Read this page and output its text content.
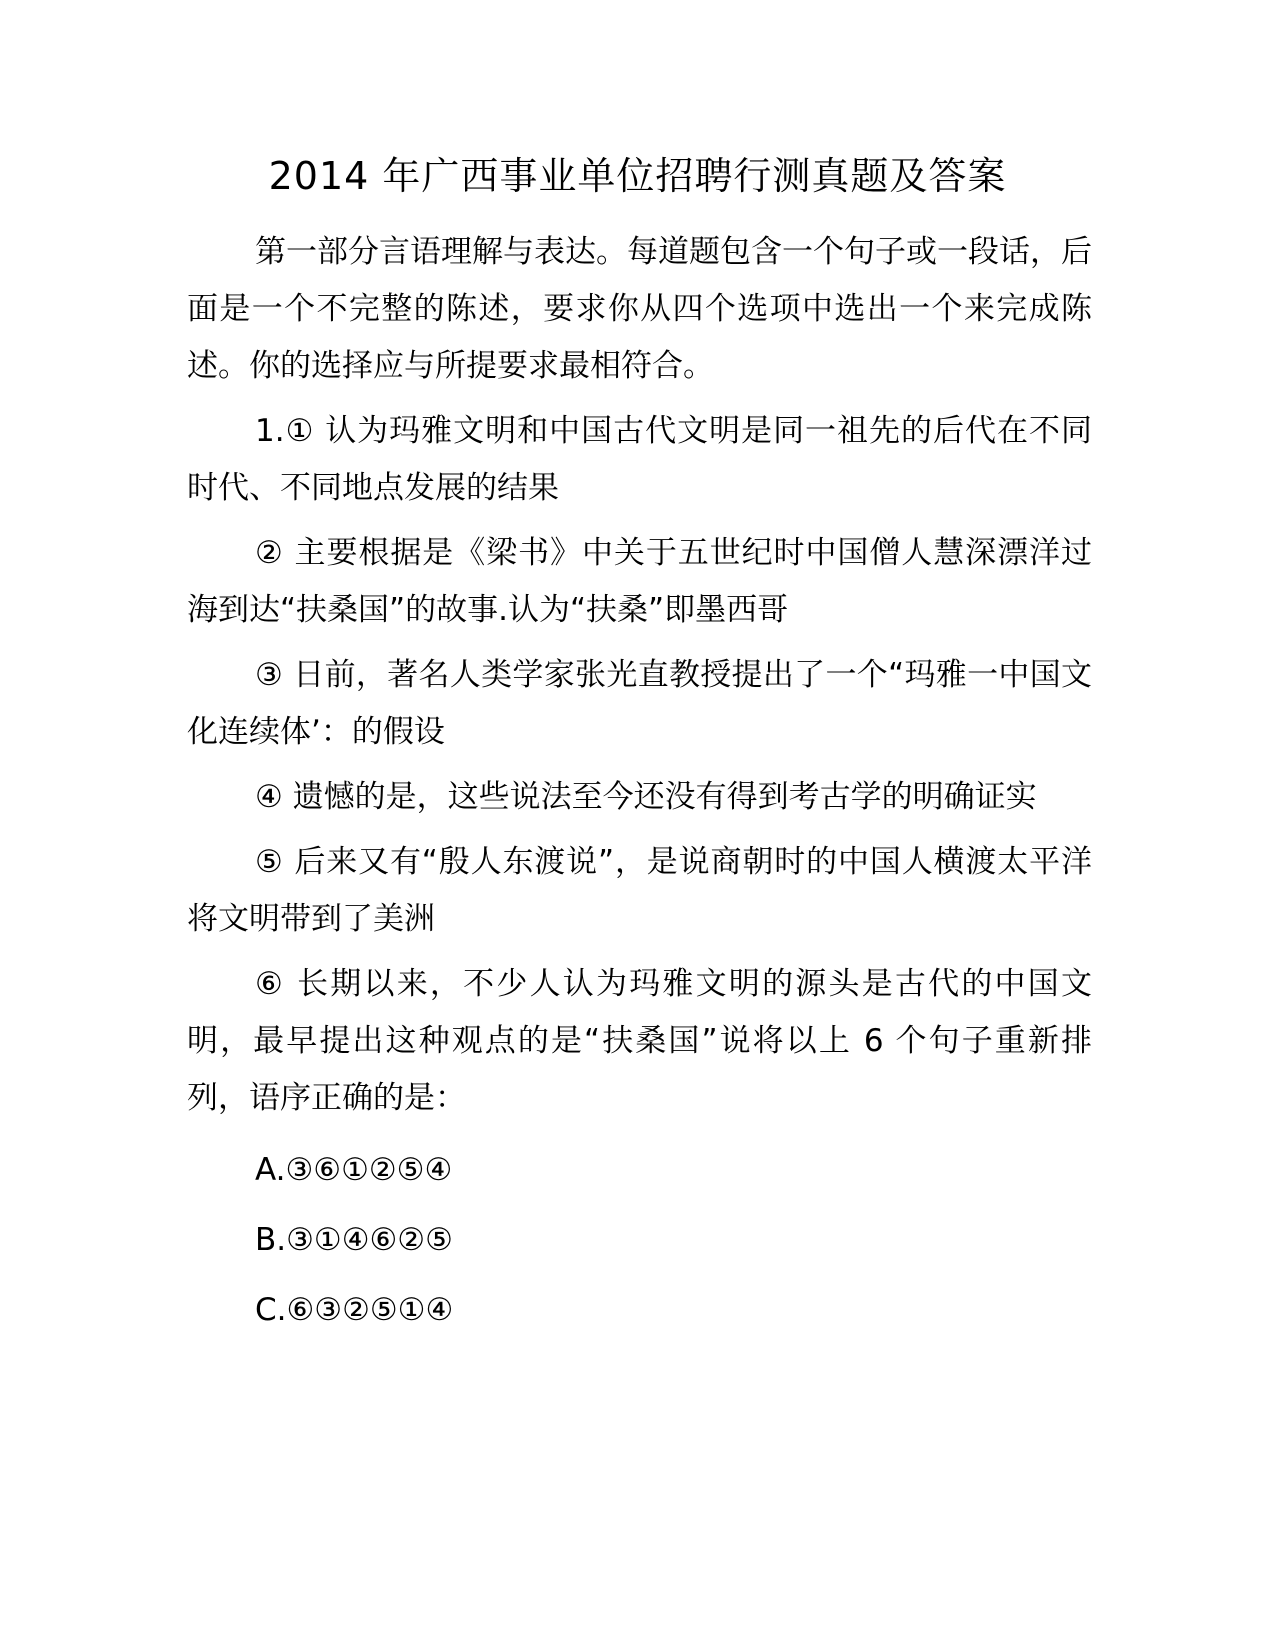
2014 年广西事业单位招聘行测真题及答案

第一部分言语理解与表达。每道题包含一个句子或一段话，后面是一个不完整的陈述，要求你从四个选项中选出一个来完成陈述。你的选择应与所提要求最相符合。

1.① 认为玛雅文明和中国古代文明是同一祖先的后代在不同时代、不同地点发展的结果

② 主要根据是《梁书》中关于五世纪时中国僧人慧深漂洋过海到达“扶桑国”的故事.认为“扶桑”即墨西哥

③ 日前，著名人类学家张光直教授提出了一个“玛雅一中国文化连续体’：的假设

④ 遗憾的是，这些说法至今还没有得到考古学的明确证实

⑤ 后来又有“殷人东渡说”，是说商朝时的中国人横渡太平洋将文明带到了美洲

⑥ 长期以来，不少人认为玛雅文明的源头是古代的中国文明，最早提出这种观点的是“扶桑国”说将以上 6 个句子重新排列，语序正确的是：

A.③⑥①②⑤④

B.③①④⑥②⑤

C.⑥③②⑤①④
